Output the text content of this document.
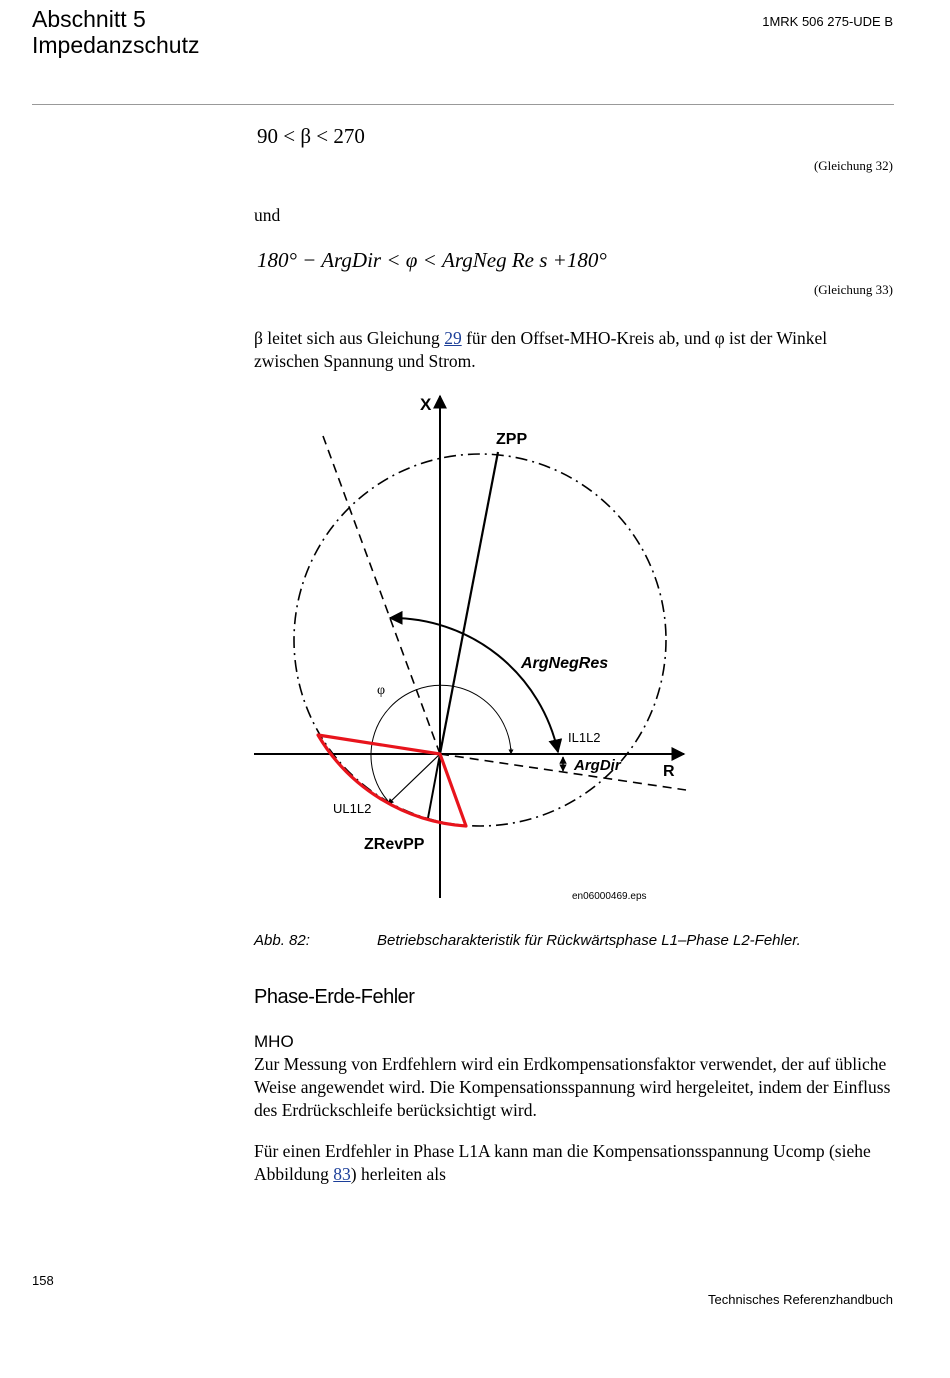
Abschnitt 5
Impedanzschutz
1MRK 506 275-UDE B
90 < β < 270
(Gleichung 32)
und
180° − ArgDir < φ < ArgNeg Re s +180°
(Gleichung 33)
β leitet sich aus Gleichung 29 für den Offset-MHO-Kreis ab, und φ ist der Winkel zwischen Spannung und Strom.
X
R
ZPP
ArgNegRes
φ
IL1L2
ArgDir
UL1L2
ZRevPP
en06000469.eps
Abb. 82:	Betriebscharakteristik für Rückwärtsphase L1–Phase L2-Fehler.
Phase-Erde-Fehler
MHO
Zur Messung von Erdfehlern wird ein Erdkompensationsfaktor verwendet, der auf übliche Weise angewendet wird. Die Kompensationsspannung wird hergeleitet, indem der Einfluss des Erdrückschleife berücksichtigt wird.
Für einen Erdfehler in Phase L1A kann man die Kompensationsspannung Ucomp (siehe Abbildung 83) herleiten als
158
Technisches Referenzhandbuch
